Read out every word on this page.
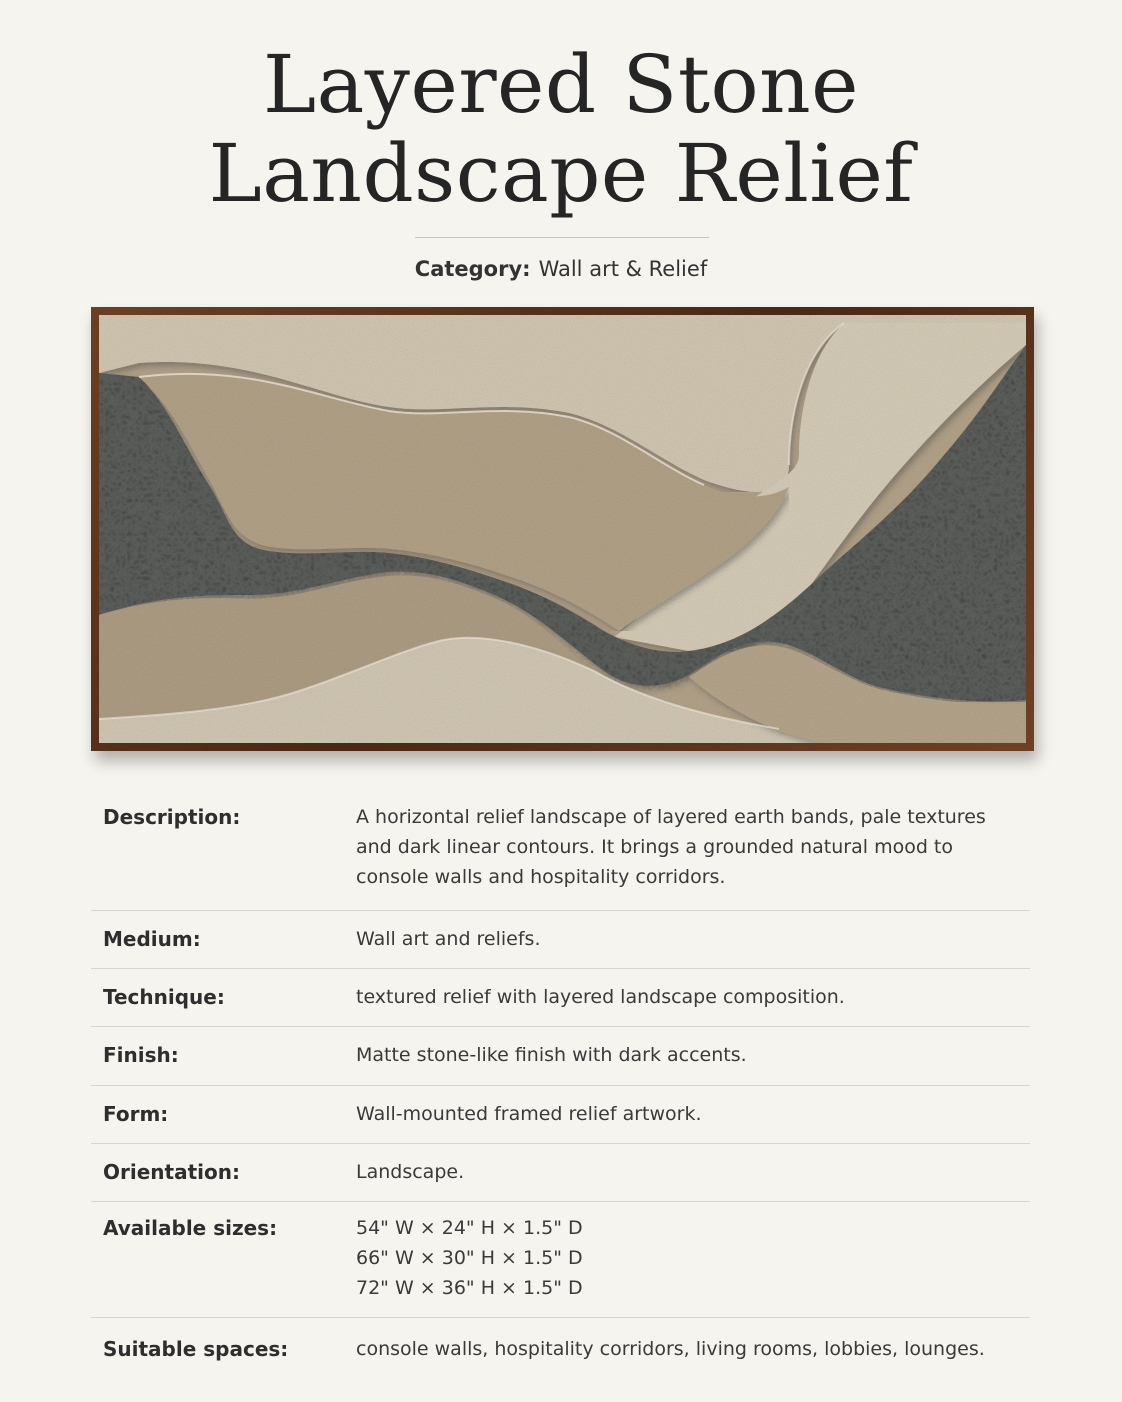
Layered Stone
Landscape Relief
Category: Wall art & Relief
Description:	A horizontal relief landscape of layered earth bands, pale textures
and dark linear contours. It brings a grounded natural mood to
console walls and hospitality corridors.
Medium:	Wall art and reliefs.
Technique:	textured relief with layered landscape composition.
Finish:	Matte stone-like finish with dark accents.
Form:	Wall-mounted framed relief artwork.
Orientation:	Landscape.
Available sizes:	54" W × 24" H × 1.5" D
66" W × 30" H × 1.5" D
72" W × 36" H × 1.5" D
Suitable spaces:	console walls, hospitality corridors, living rooms, lobbies, lounges.
